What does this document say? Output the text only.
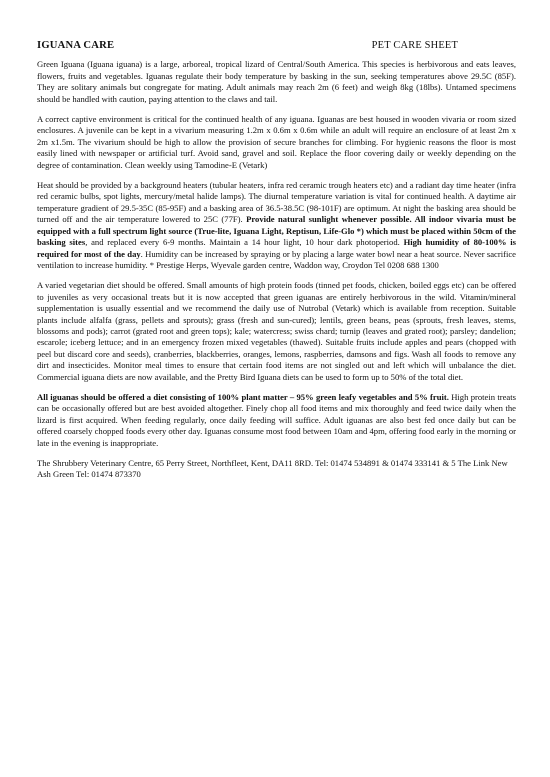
IGUANA CARE	PET CARE SHEET

Green Iguana (Iguana iguana) is a large, arboreal, tropical lizard of Central/South America. This species is herbivorous and eats leaves, flowers, fruits and vegetables. Iguanas regulate their body temperature by basking in the sun, seeking temperatures above 29.5C (85F). They are solitary animals but congregate for mating. Adult animals may reach 2m (6 feet) and weigh 8kg (18lbs). Untamed specimens should be handled with caution, paying attention to the claws and tail.

A correct captive environment is critical for the continued health of any iguana. Iguanas are best housed in wooden vivaria or room sized enclosures. A juvenile can be kept in a vivarium measuring 1.2m x 0.6m x 0.6m while an adult will require an enclosure of at least 2m x 2m x1.5m. The vivarium should be high to allow the provision of secure branches for climbing. For hygienic reasons the floor is most easily lined with newspaper or artificial turf. Avoid sand, gravel and soil. Replace the floor covering daily or weekly depending on the degree of contamination. Clean weekly using Tamodine-E (Vetark)

Heat should be provided by a background heaters (tubular heaters, infra red ceramic trough heaters etc) and a radiant day time heater (infra red ceramic bulbs, spot lights, mercury/metal halide lamps). The diurnal temperature variation is vital for continued health. A daytime air temperature gradient of 29.5-35C (85-95F) and a basking area of 36.5-38.5C (98-101F) are optimum. At night the basking area should be turned off and the air temperature lowered to 25C (77F). Provide natural sunlight whenever possible. All indoor vivaria must be equipped with a full spectrum light source (True-lite, Iguana Light, Reptisun, Life-Glo *) which must be placed within 50cm of the basking sites, and replaced every 6-9 months. Maintain a 14 hour light, 10 hour dark photoperiod. High humidity of 80-100% is required for most of the day. Humidity can be increased by spraying or by placing a large water bowl near a heat source. Never sacrifice ventilation to increase humidity. * Prestige Herps, Wyevale garden centre, Waddon way, Croydon Tel 0208 688 1300

A varied vegetarian diet should be offered. Small amounts of high protein foods (tinned pet foods, chicken, boiled eggs etc) can be offered to juveniles as very occasional treats but it is now accepted that green iguanas are entirely herbivorous in the wild. Vitamin/mineral supplementation is usually essential and we recommend the daily use of Nutrobal (Vetark) which is available from reception. Suitable plants include alfalfa (grass, pellets and sprouts); grass (fresh and sun-cured); lentils, green beans, peas (sprouts, fresh leaves, stems, blossoms and pods); carrot (grated root and green tops); kale; watercress; swiss chard; turnip (leaves and grated root); parsley; dandelion; escarole; iceberg lettuce; and in an emergency frozen mixed vegetables (thawed). Suitable fruits include apples and pears (chopped with peel but discard core and seeds), cranberries, blackberries, oranges, lemons, raspberries, damsons and figs. Wash all foods to remove any dirt and insecticides. Monitor meal times to ensure that certain food items are not singled out and left which will unbalance the diet. Commercial iguana diets are now available, and the Pretty Bird Iguana diets can be used to form up to 50% of the total diet.

All iguanas should be offered a diet consisting of 100% plant matter – 95% green leafy vegetables and 5% fruit. High protein treats can be occasionally offered but are best avoided altogether. Finely chop all food items and mix thoroughly and feed twice daily when the lizard is first acquired. When feeding regularly, once daily feeding will suffice. Adult iguanas are also best fed once daily but can be offered coarsely chopped foods every other day. Iguanas consume most food between 10am and 4pm, offering food early in the morning or late in the evening is inappropriate.

The Shrubbery Veterinary Centre, 65 Perry Street, Northfleet, Kent, DA11 8RD. Tel: 01474 534891 & 01474 333141 & 5 The Link New Ash Green Tel: 01474 873370
